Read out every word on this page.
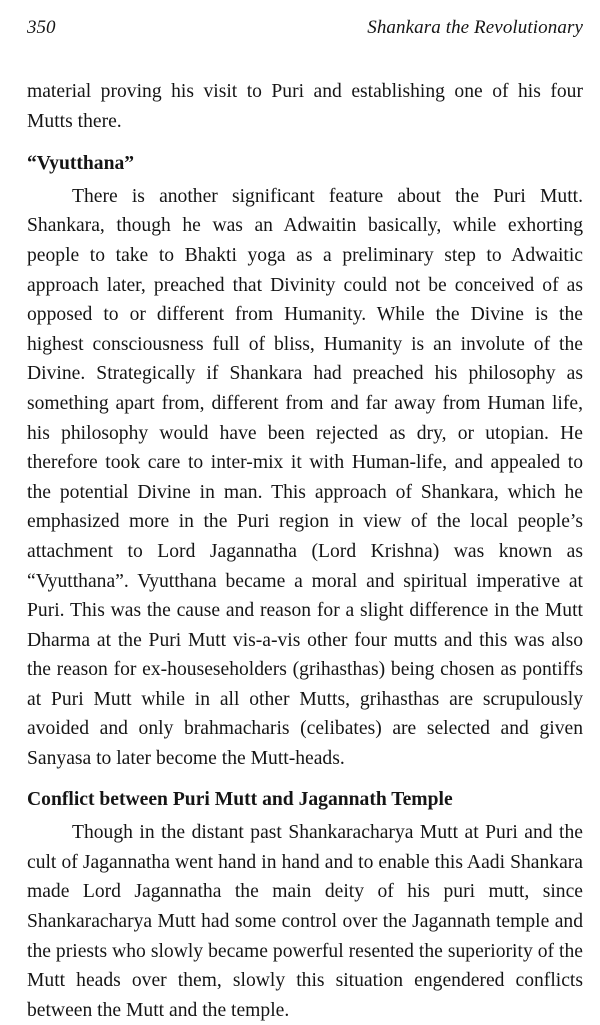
350	Shankara the Revolutionary

material proving his visit to Puri and establishing one of his four Mutts there.

“Vyutthana”

There is another significant feature about the Puri Mutt. Shankara, though he was an Adwaitin basically, while exhorting people to take to Bhakti yoga as a preliminary step to Adwaitic approach later, preached that Divinity could not be conceived of as opposed to or different from Humanity. While the Divine is the highest consciousness full of bliss, Humanity is an involute of the Divine. Strategically if Shankara had preached his philosophy as something apart from, different from and far away from Human life, his philosophy would have been rejected as dry, or utopian. He therefore took care to inter-mix it with Human-life, and appealed to the potential Divine in man. This approach of Shankara, which he emphasized more in the Puri region in view of the local people’s attachment to Lord Jagannatha (Lord Krishna) was known as “Vyutthana”. Vyutthana became a moral and spiritual imperative at Puri. This was the cause and reason for a slight difference in the Mutt Dharma at the Puri Mutt vis-a-vis other four mutts and this was also the reason for ex-houseseholders (grihasthas) being chosen as pontiffs at Puri Mutt while in all other Mutts, grihasthas are scrupulously avoided and only brahmacharis (celibates) are selected and given Sanyasa to later become the Mutt-heads.

Conflict between Puri Mutt and Jagannath Temple

Though in the distant past Shankaracharya Mutt at Puri and the cult of Jagannatha went hand in hand and to enable this Aadi Shankara made Lord Jagannatha the main deity of his puri mutt, since Shankaracharya Mutt had some control over the Jagannath temple and the priests who slowly became powerful resented the superiority of the Mutt heads over them, slowly this situation engendered conflicts between the Mutt and the temple.
